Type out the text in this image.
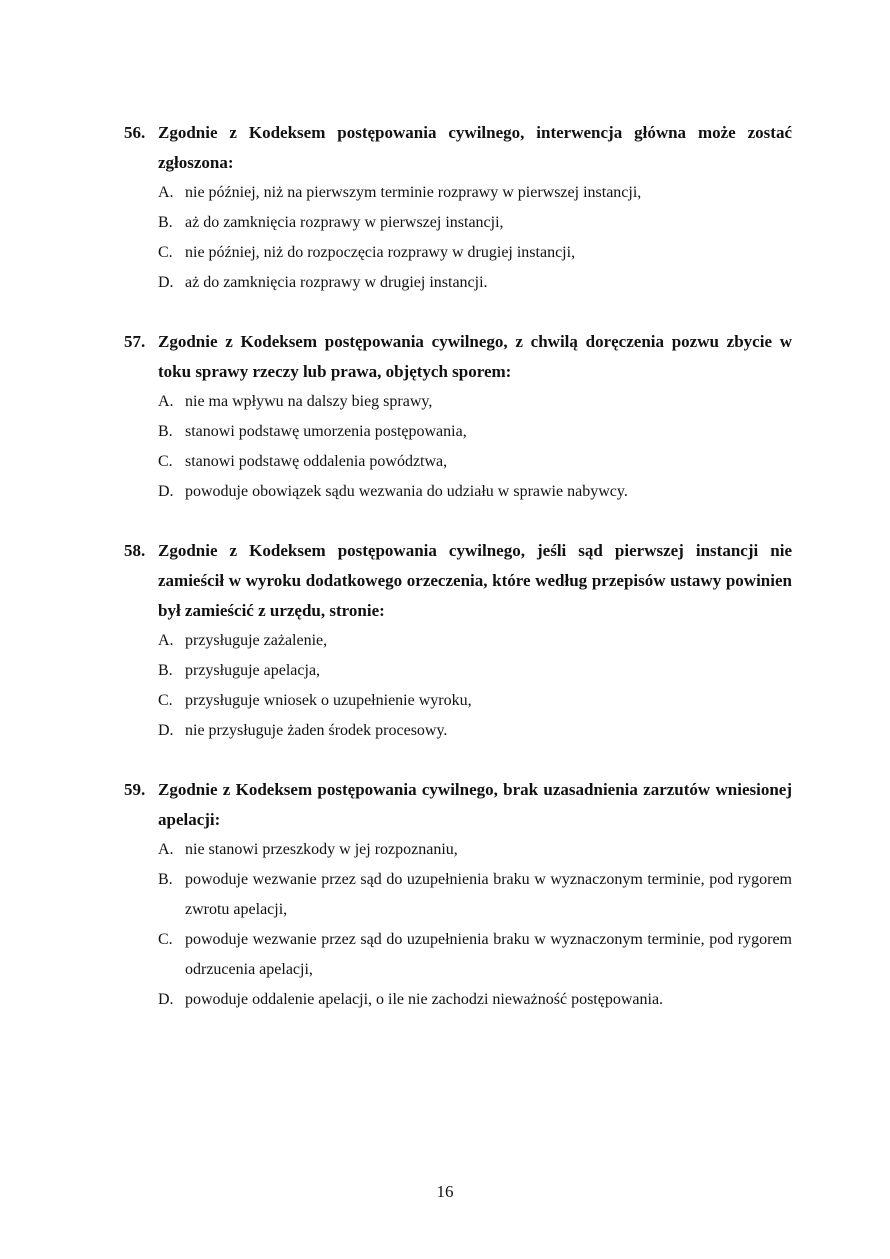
56. Zgodnie z Kodeksem postępowania cywilnego, interwencja główna może zostać zgłoszona:
A. nie później, niż na pierwszym terminie rozprawy w pierwszej instancji,
B. aż do zamknięcia rozprawy w pierwszej instancji,
C. nie później, niż do rozpoczęcia rozprawy w drugiej instancji,
D. aż do zamknięcia rozprawy w drugiej instancji.
57. Zgodnie z Kodeksem postępowania cywilnego, z chwilą doręczenia pozwu zbycie w toku sprawy rzeczy lub prawa, objętych sporem:
A. nie ma wpływu na dalszy bieg sprawy,
B. stanowi podstawę umorzenia postępowania,
C. stanowi podstawę oddalenia powództwa,
D. powoduje obowiązek sądu wezwania do udziału w sprawie nabywcy.
58. Zgodnie z Kodeksem postępowania cywilnego, jeśli sąd pierwszej instancji nie zamieścił w wyroku dodatkowego orzeczenia, które według przepisów ustawy powinien był zamieścić z urzędu, stronie:
A. przysługuje zażalenie,
B. przysługuje apelacja,
C. przysługuje wniosek o uzupełnienie wyroku,
D. nie przysługuje żaden środek procesowy.
59. Zgodnie z Kodeksem postępowania cywilnego, brak uzasadnienia zarzutów wniesionej apelacji:
A. nie stanowi przeszkody w jej rozpoznaniu,
B. powoduje wezwanie przez sąd do uzupełnienia braku w wyznaczonym terminie, pod rygorem zwrotu apelacji,
C. powoduje wezwanie przez sąd do uzupełnienia braku w wyznaczonym terminie, pod rygorem odrzucenia apelacji,
D. powoduje oddalenie apelacji, o ile nie zachodzi nieważność postępowania.
16
